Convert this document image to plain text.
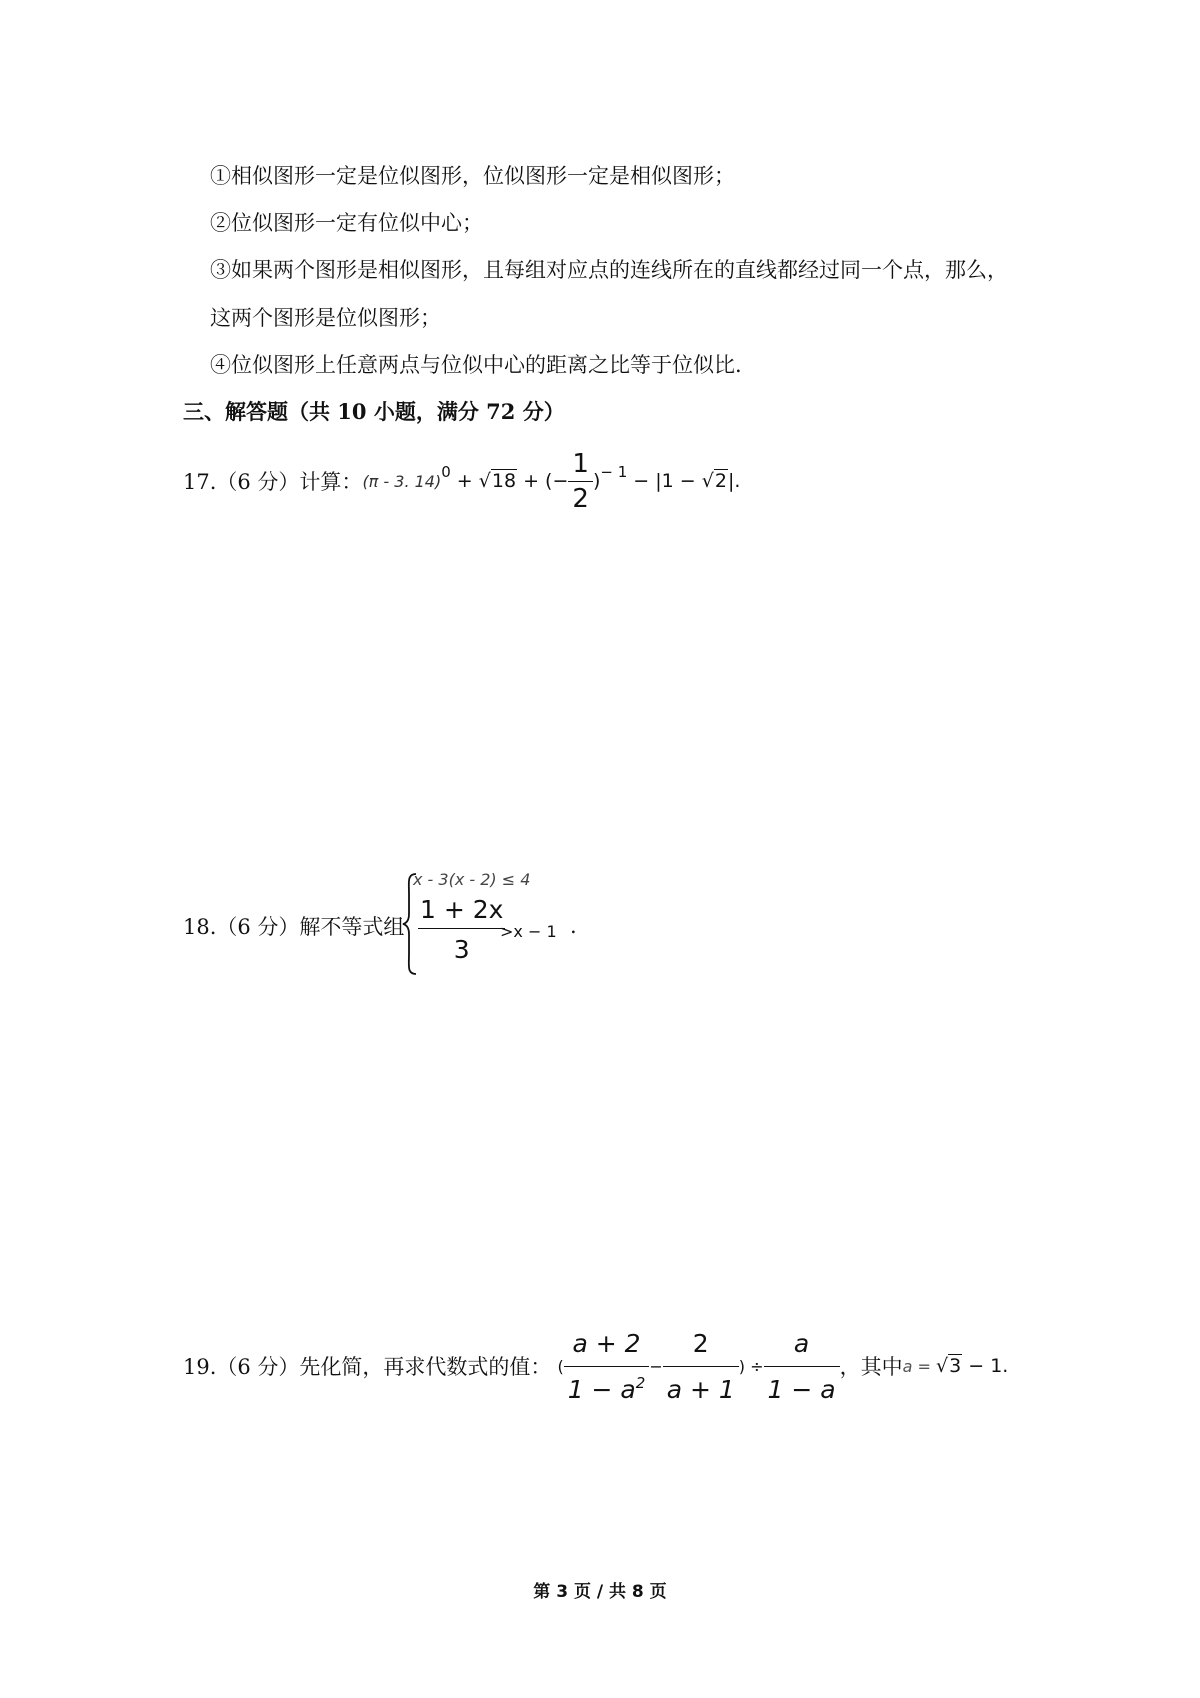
①相似图形一定是位似图形，位似图形一定是相似图形；
②位似图形一定有位似中心；
③如果两个图形是相似图形，且每组对应点的连线所在的直线都经过同一个点，那么，
这两个图形是位似图形；
④位似图形上任意两点与位似中心的距离之比等于位似比.
三、解答题（共 10 小题，满分 72 分）
17.（6 分）计算： (π - 3. 14)$^0$ + √18 + (− $\frac{1}{2} )^{- 1} - |1 - √2|$.
18.（6 分）解不等式组
x - 3(x - 2) ≤ 4
$\frac{1 + 2x}{3}$
>x − 1 .
19.（6 分）先化简，再求代数式的值： ( $\frac{a + 2}{1 - a^2} - \frac{2}{a + 1}$ ) ÷ $\frac{a}{1 - a}$ ，其中 a = √3 − 1.
第 3 页 / 共 8 页
